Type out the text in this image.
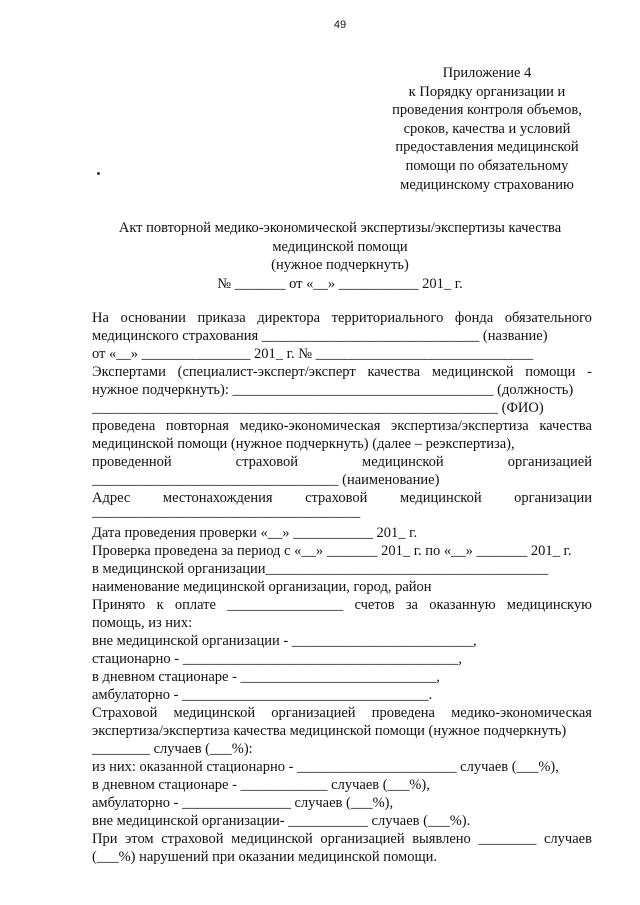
49
Приложение 4
к Порядку организации и
проведения контроля объемов,
сроков, качества и условий
предоставления медицинской
помощи по обязательному
медицинскому страхованию
Акт повторной медико-экономической экспертизы/экспертизы качества
медицинской помощи
(нужное подчеркнуть)
№ _______ от «__» ___________ 201_ г.
На основании приказа директора территориального фонда обязательного
медицинского страхования ______________________________ (название)
от «__» _______________ 201_ г. № ______________________________
Экспертами (специалист-эксперт/эксперт качества медицинской помощи -
нужное подчеркнуть): ____________________________________ (должность)
________________________________________________________ (ФИО)
проведена повторная медико-экономическая экспертиза/экспертиза качества
медицинской помощи (нужное подчеркнуть) (далее – реэкспертиза),
проведенной	страховой	медицинской	организацией
__________________________________ (наименование)
Адрес местонахождения страховой медицинской организации
_____________________________________
Дата проведения проверки «__» ___________ 201_ г.
Проверка проведена за период с «__» _______ 201_ г. по «__» _______ 201_ г.
в медицинской организации_______________________________________
наименование медицинской организации, город, район
Принято к оплате ________________ счетов за оказанную медицинскую
помощь, из них:
вне медицинской организации - _________________________,
стационарно - ______________________________________,
в дневном стационаре - ___________________________,
амбулаторно - __________________________________.
Страховой медицинской организацией проведена медико-экономическая
экспертиза/экспертиза качества медицинской помощи (нужное подчеркнуть)
________ случаев (___%):
из них: оказанной стационарно - ______________________ случаев (___%),
в дневном стационаре - ____________ случаев (___%),
амбулаторно - _______________ случаев (___%),
вне медицинской организации- ___________ случаев (___%).
При этом страховой медицинской организацией выявлено ________ случаев
(___%) нарушений при оказании медицинской помощи.
